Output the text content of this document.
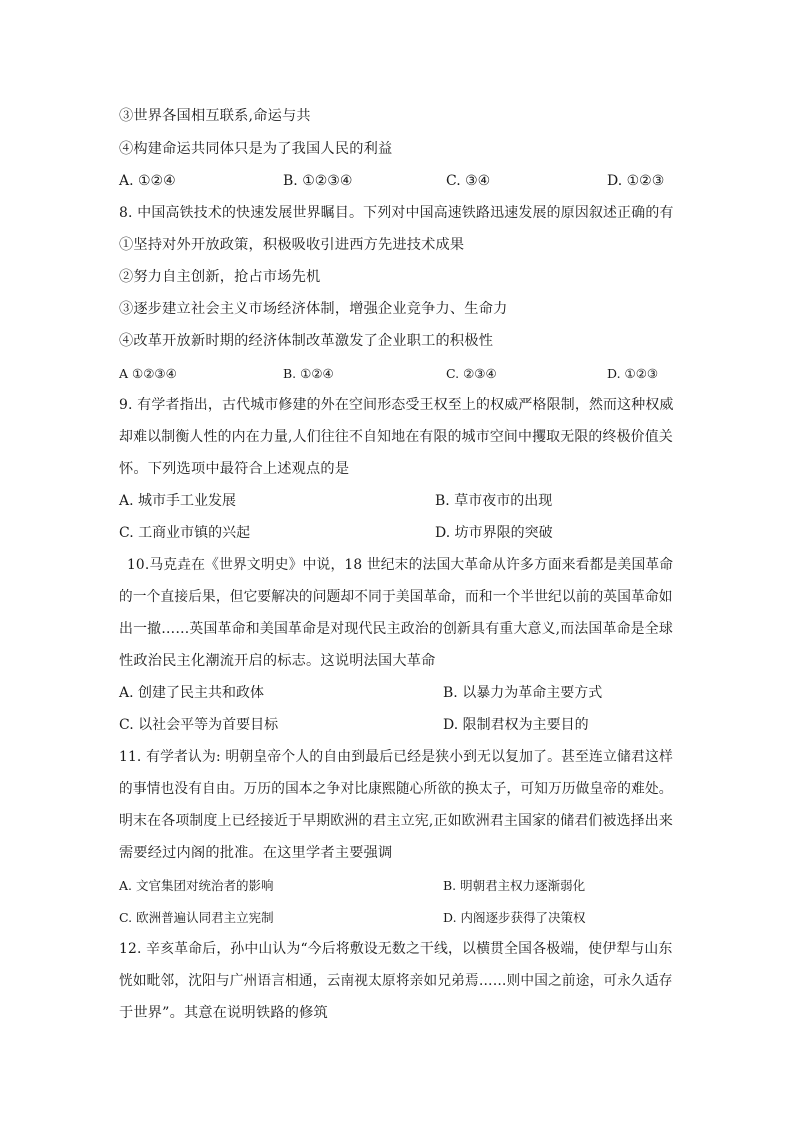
③世界各国相互联系,命运与共
④构建命运共同体只是为了我国人民的利益
A. ①②④	B. ①②③④	C. ③④	D. ①②③
8. 中国高铁技术的快速发展世界瞩目。下列对中国高速铁路迅速发展的原因叙述正确的有
①坚持对外开放政策，积极吸收引进西方先进技术成果
②努力自主创新，抢占市场先机
③逐步建立社会主义市场经济体制，增强企业竞争力、生命力
④改革开放新时期的经济体制改革激发了企业职工的积极性
A ①②③④	B. ①②④	C. ②③④	D. ①②③
9. 有学者指出，古代城市修建的外在空间形态受王权至上的权威严格限制，然而这种权威
却难以制衡人性的内在力量,人们往往不自知地在有限的城市空间中攫取无限的终极价值关
怀。下列选项中最符合上述观点的是
A. 城市手工业发展	B. 草市夜市的出现
C. 工商业市镇的兴起	D. 坊市界限的突破
10.马克垚在《世界文明史》中说，18 世纪末的法国大革命从许多方面来看都是美国革命
的一个直接后果，但它要解决的问题却不同于美国革命，而和一个半世纪以前的英国革命如
出一撤……英国革命和美国革命是对现代民主政治的创新具有重大意义,而法国革命是全球
性政治民主化潮流开启的标志。这说明法国大革命
A. 创建了民主共和政体	B. 以暴力为革命主要方式
C. 以社会平等为首要目标	D. 限制君权为主要目的
11. 有学者认为: 明朝皇帝个人的自由到最后已经是狭小到无以复加了。甚至连立储君这样
的事情也没有自由。万历的国本之争对比康熙随心所欲的换太子，可知万历做皇帝的难处。
明末在各项制度上已经接近于早期欧洲的君主立宪,正如欧洲君主国家的储君们被选择出来
需要经过内阁的批准。在这里学者主要强调
A. 文官集团对统治者的影响	B. 明朝君主权力逐渐弱化
C. 欧洲普遍认同君主立宪制	D. 内阁逐步获得了决策权
12. 辛亥革命后，孙中山认为“今后将敷设无数之干线，以横贯全国各极端，使伊犁与山东
恍如毗邻，沈阳与广州语言相通，云南视太原将亲如兄弟焉……则中国之前途，可永久适存
于世界”。其意在说明铁路的修筑
